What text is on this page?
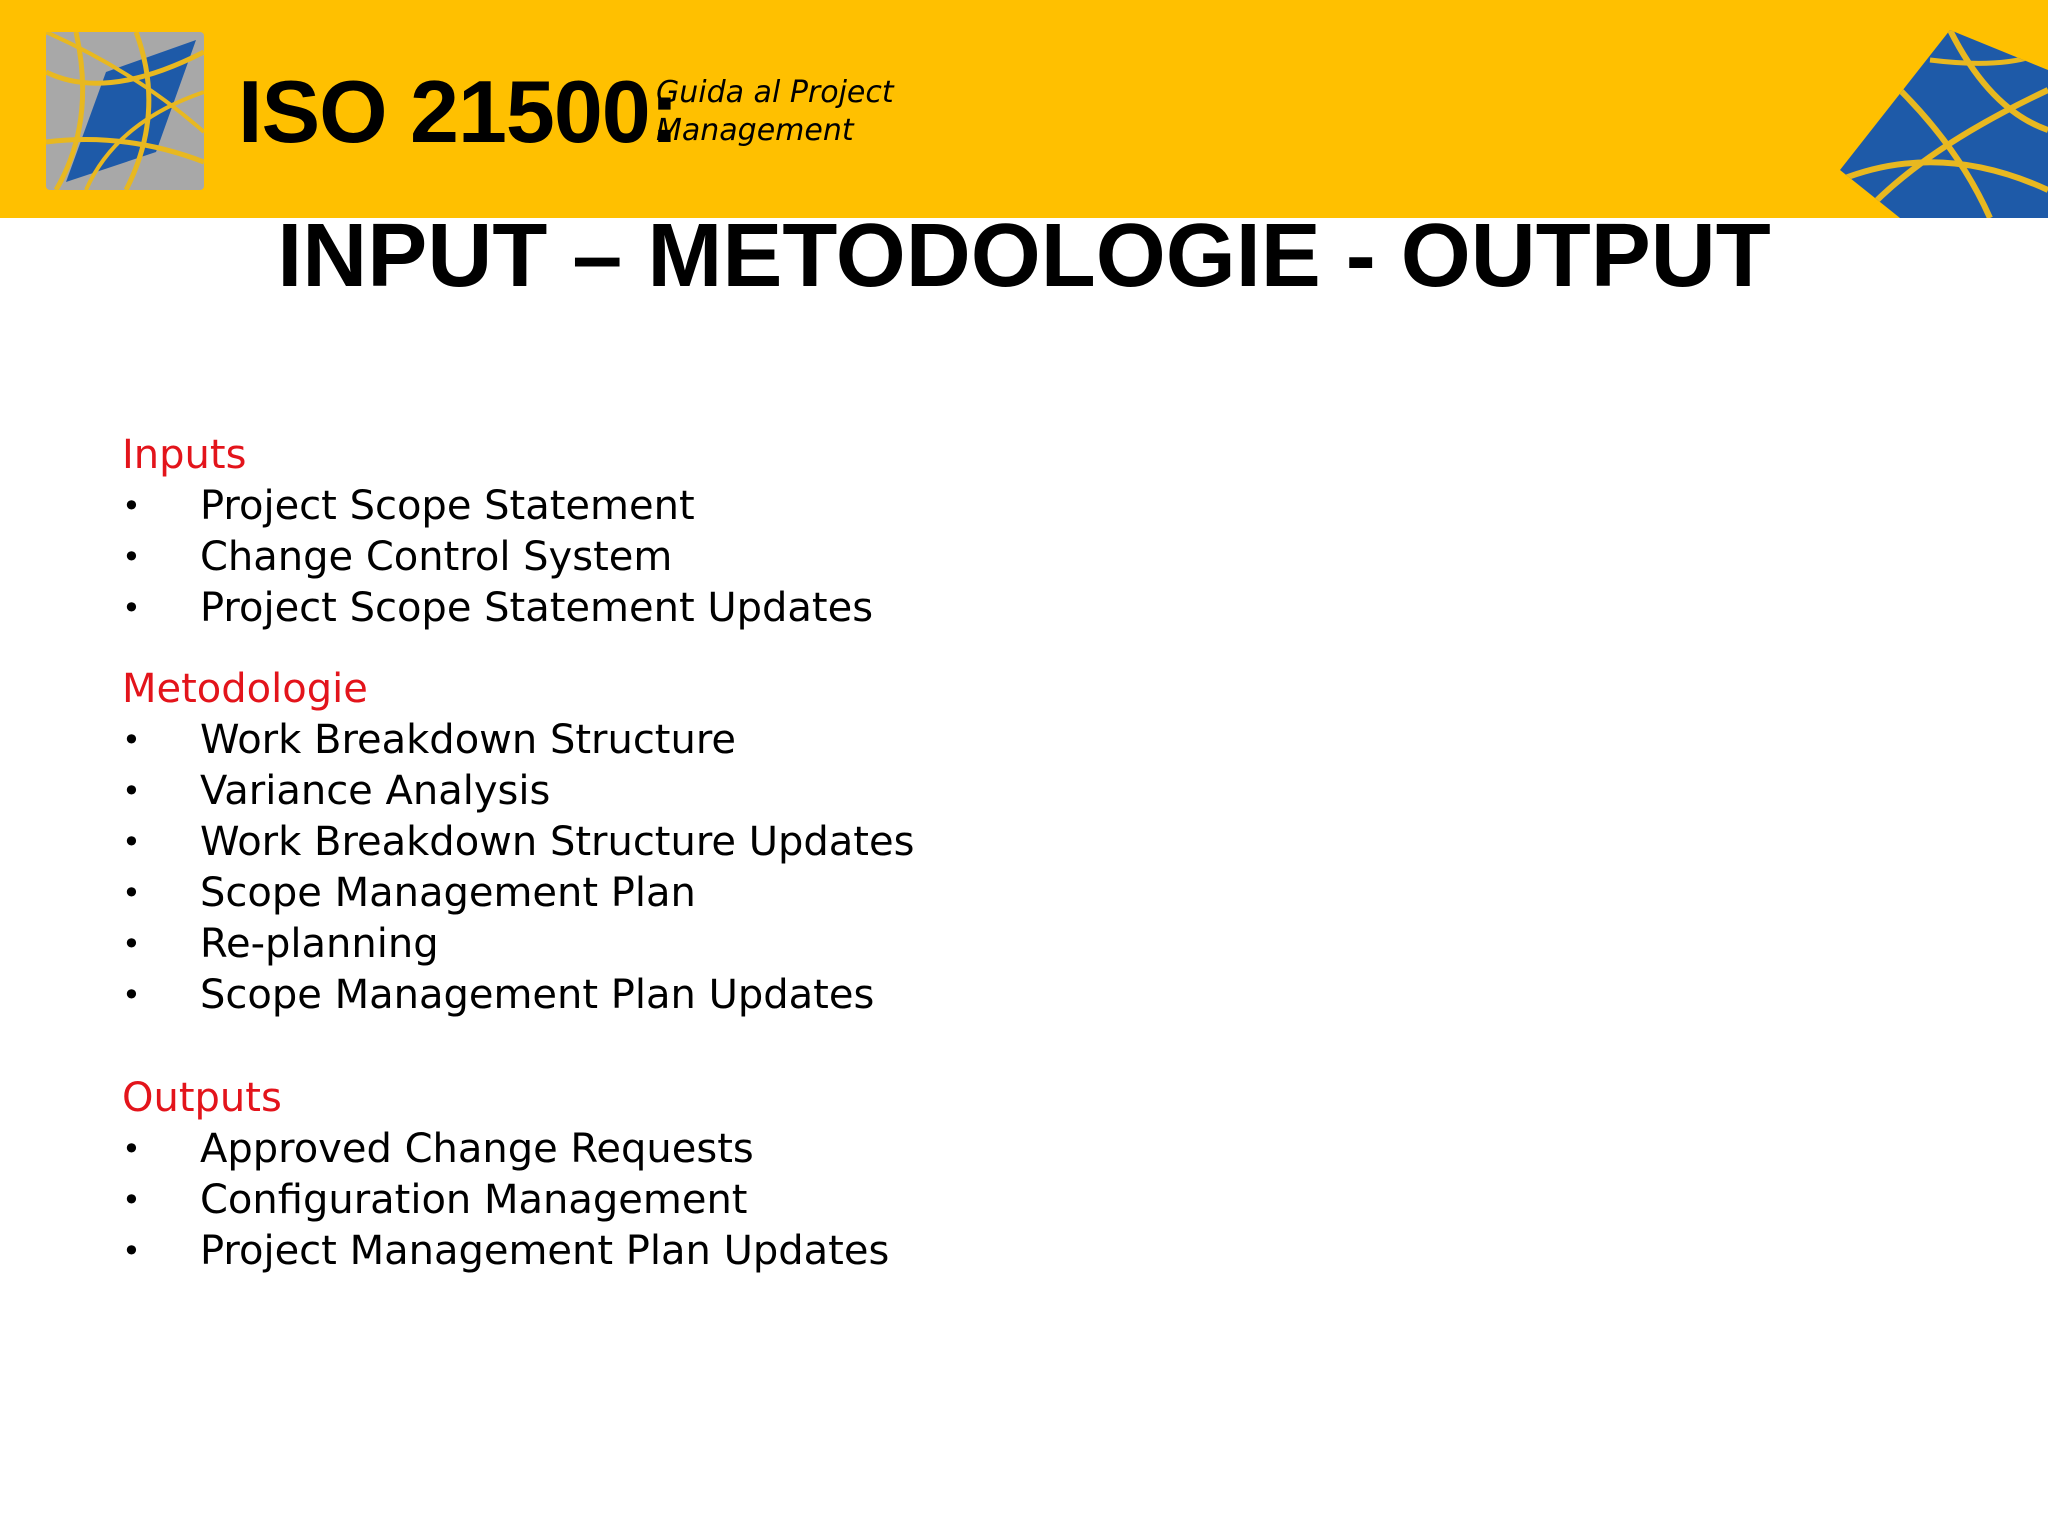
ISO 21500:
Guida al Project
Management
INPUT – METODOLOGIE - OUTPUT
Inputs
• Project Scope Statement
• Change Control System
• Project Scope Statement Updates
Metodologie
• Work Breakdown Structure
• Variance Analysis
• Work Breakdown Structure Updates
• Scope Management Plan
• Re-planning
• Scope Management Plan Updates
Outputs
• Approved Change Requests
• Configuration Management
• Project Management Plan Updates
